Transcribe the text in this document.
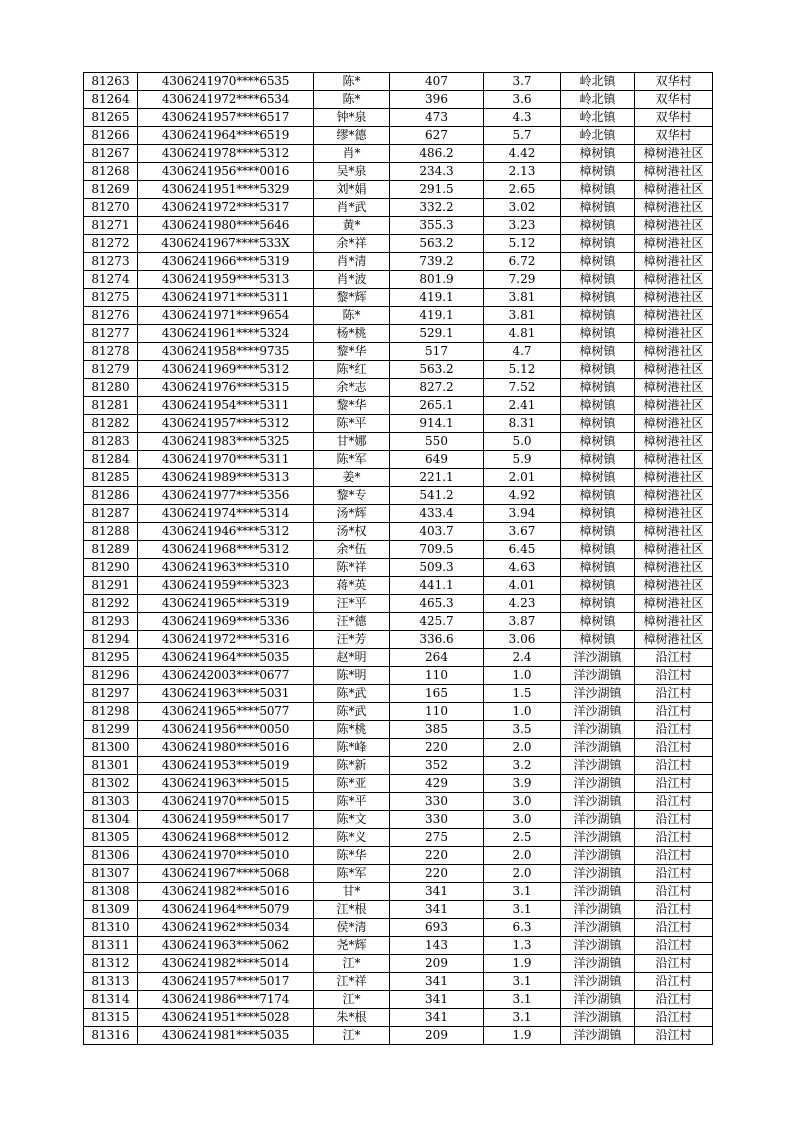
81263	4306241970****6535	陈*	407	3.7	岭北镇	双华村
81264	4306241972****6534	陈*	396	3.6	岭北镇	双华村
81265	4306241957****6517	钟*泉	473	4.3	岭北镇	双华村
81266	4306241964****6519	缪*德	627	5.7	岭北镇	双华村
81267	4306241978****5312	肖*	486.2	4.42	樟树镇	樟树港社区
81268	4306241956****0016	吴*泉	234.3	2.13	樟树镇	樟树港社区
81269	4306241951****5329	刘*娟	291.5	2.65	樟树镇	樟树港社区
81270	4306241972****5317	肖*武	332.2	3.02	樟树镇	樟树港社区
81271	4306241980****5646	黄*	355.3	3.23	樟树镇	樟树港社区
81272	4306241967****533X	余*祥	563.2	5.12	樟树镇	樟树港社区
81273	4306241966****5319	肖*清	739.2	6.72	樟树镇	樟树港社区
81274	4306241959****5313	肖*波	801.9	7.29	樟树镇	樟树港社区
81275	4306241971****5311	黎*辉	419.1	3.81	樟树镇	樟树港社区
81276	4306241971****9654	陈*	419.1	3.81	樟树镇	樟树港社区
81277	4306241961****5324	杨*桃	529.1	4.81	樟树镇	樟树港社区
81278	4306241958****9735	黎*华	517	4.7	樟树镇	樟树港社区
81279	4306241969****5312	陈*红	563.2	5.12	樟树镇	樟树港社区
81280	4306241976****5315	余*志	827.2	7.52	樟树镇	樟树港社区
81281	4306241954****5311	黎*华	265.1	2.41	樟树镇	樟树港社区
81282	4306241957****5312	陈*平	914.1	8.31	樟树镇	樟树港社区
81283	4306241983****5325	甘*娜	550	5.0	樟树镇	樟树港社区
81284	4306241970****5311	陈*军	649	5.9	樟树镇	樟树港社区
81285	4306241989****5313	姜*	221.1	2.01	樟树镇	樟树港社区
81286	4306241977****5356	黎*专	541.2	4.92	樟树镇	樟树港社区
81287	4306241974****5314	汤*辉	433.4	3.94	樟树镇	樟树港社区
81288	4306241946****5312	汤*权	403.7	3.67	樟树镇	樟树港社区
81289	4306241968****5312	余*伍	709.5	6.45	樟树镇	樟树港社区
81290	4306241963****5310	陈*祥	509.3	4.63	樟树镇	樟树港社区
81291	4306241959****5323	蒋*英	441.1	4.01	樟树镇	樟树港社区
81292	4306241965****5319	汪*平	465.3	4.23	樟树镇	樟树港社区
81293	4306241969****5336	汪*德	425.7	3.87	樟树镇	樟树港社区
81294	4306241972****5316	汪*芳	336.6	3.06	樟树镇	樟树港社区
81295	4306241964****5035	赵*明	264	2.4	洋沙湖镇	沿江村
81296	4306242003****0677	陈*明	110	1.0	洋沙湖镇	沿江村
81297	4306241963****5031	陈*武	165	1.5	洋沙湖镇	沿江村
81298	4306241965****5077	陈*武	110	1.0	洋沙湖镇	沿江村
81299	4306241956****0050	陈*桃	385	3.5	洋沙湖镇	沿江村
81300	4306241980****5016	陈*峰	220	2.0	洋沙湖镇	沿江村
81301	4306241953****5019	陈*新	352	3.2	洋沙湖镇	沿江村
81302	4306241963****5015	陈*亚	429	3.9	洋沙湖镇	沿江村
81303	4306241970****5015	陈*平	330	3.0	洋沙湖镇	沿江村
81304	4306241959****5017	陈*文	330	3.0	洋沙湖镇	沿江村
81305	4306241968****5012	陈*义	275	2.5	洋沙湖镇	沿江村
81306	4306241970****5010	陈*华	220	2.0	洋沙湖镇	沿江村
81307	4306241967****5068	陈*军	220	2.0	洋沙湖镇	沿江村
81308	4306241982****5016	甘*	341	3.1	洋沙湖镇	沿江村
81309	4306241964****5079	江*根	341	3.1	洋沙湖镇	沿江村
81310	4306241962****5034	侯*清	693	6.3	洋沙湖镇	沿江村
81311	4306241963****5062	尧*辉	143	1.3	洋沙湖镇	沿江村
81312	4306241982****5014	江*	209	1.9	洋沙湖镇	沿江村
81313	4306241957****5017	江*祥	341	3.1	洋沙湖镇	沿江村
81314	4306241986****7174	江*	341	3.1	洋沙湖镇	沿江村
81315	4306241951****5028	朱*根	341	3.1	洋沙湖镇	沿江村
81316	4306241981****5035	江*	209	1.9	洋沙湖镇	沿江村
